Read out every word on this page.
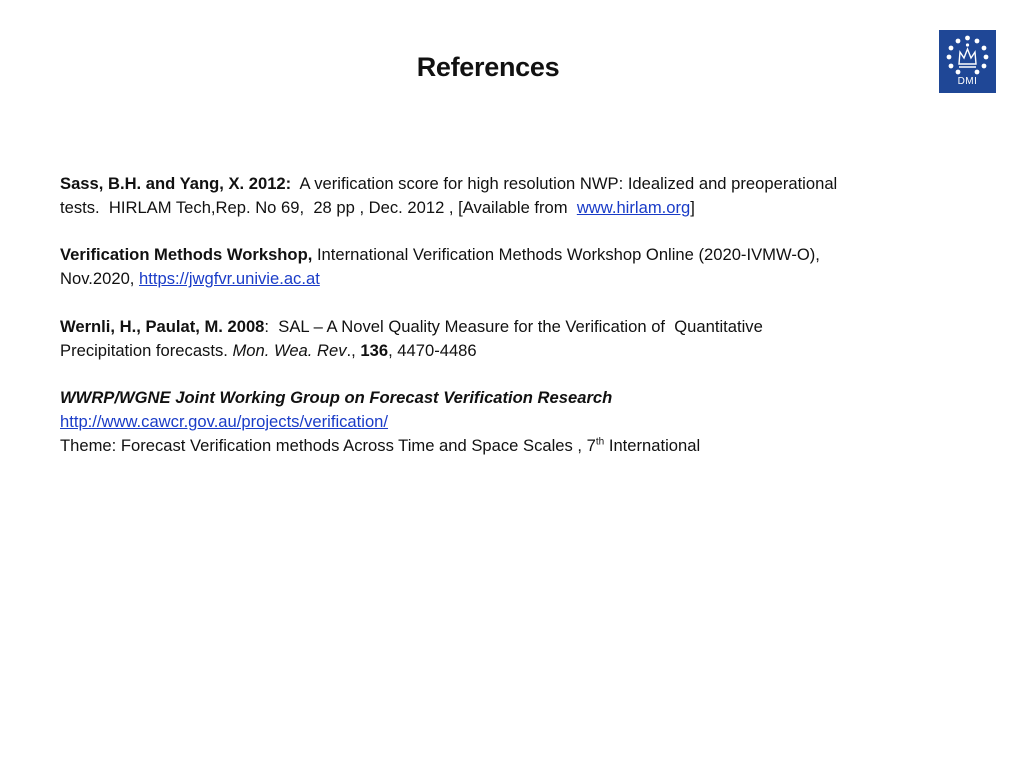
References	DMI
Sass, B.H. and Yang, X. 2012:  A verification score for high resolution NWP: Idealized and preoperational
tests.  HIRLAM Tech,Rep. No 69,  28 pp , Dec. 2012 , [Available from  www.hirlam.org]
Verification Methods Workshop, International Verification Methods Workshop Online (2020-IVMW-O),
Nov.2020, https://jwgfvr.univie.ac.at
Wernli, H., Paulat, M. 2008:  SAL – A Novel Quality Measure for the Verification of  Quantitative
Precipitation forecasts. Mon. Wea. Rev., 136, 4470-4486
WWRP/WGNE Joint Working Group on Forecast Verification Research
http://www.cawcr.gov.au/projects/verification/
Theme: Forecast Verification methods Across Time and Space Scales , 7th International
